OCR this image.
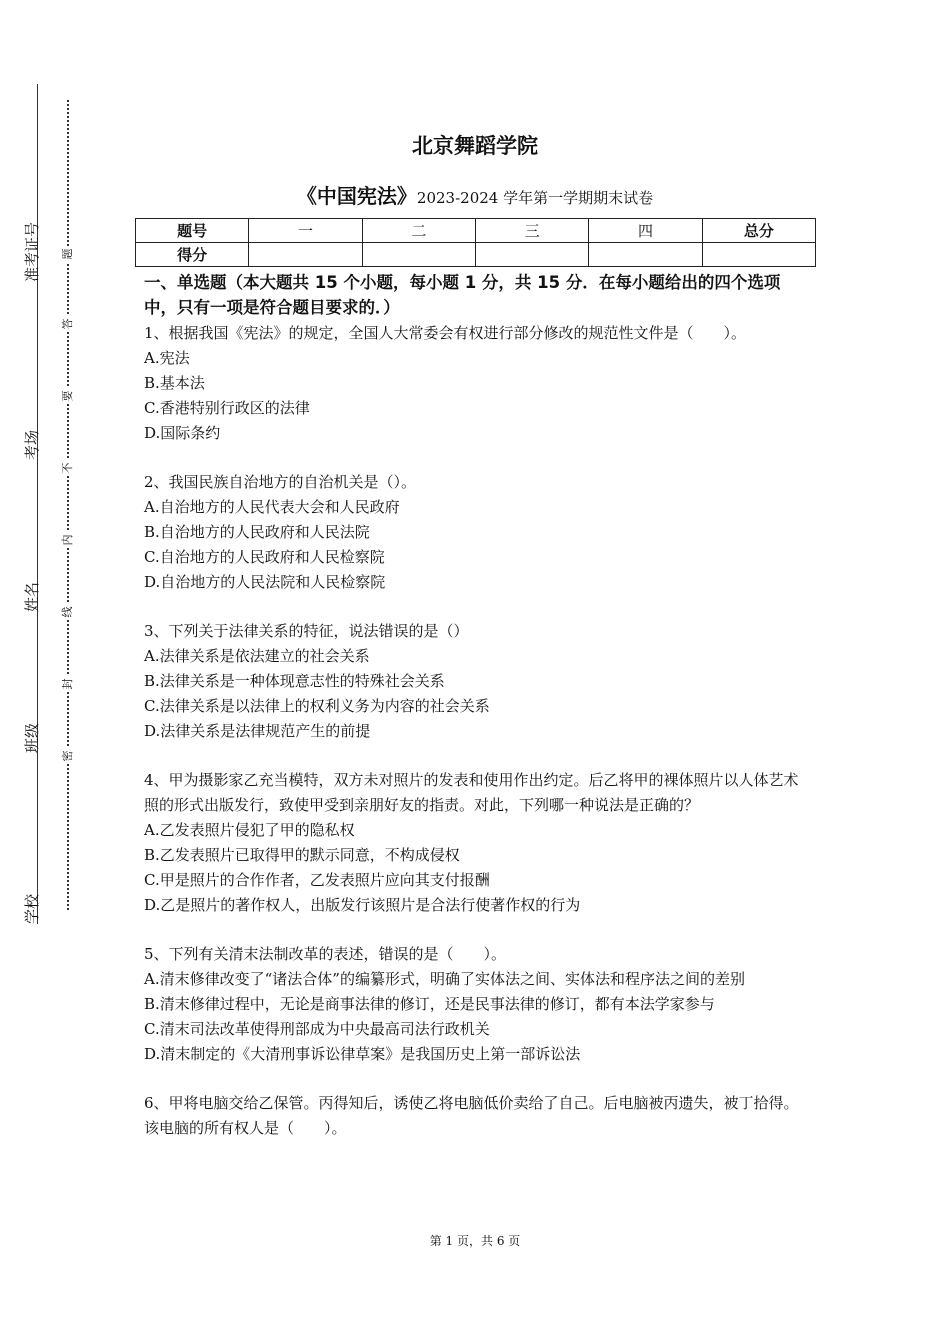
准考证号
考场
姓名
班级
学校
题
答
要
不
内
线
封
密
北京舞蹈学院
《中国宪法》2023-2024 学年第一学期期末试卷
题号	一	二	三	四	总分
得分					
一、单选题（本大题共 15 个小题，每小题 1 分，共 15 分．在每小题给出的四个选项中，只有一项是符合题目要求的．）
1、根据我国《宪法》的规定，全国人大常委会有权进行部分修改的规范性文件是（　　）。
A.宪法
B.基本法
C.香港特别行政区的法律
D.国际条约
2、我国民族自治地方的自治机关是（）。
A.自治地方的人民代表大会和人民政府
B.自治地方的人民政府和人民法院
C.自治地方的人民政府和人民检察院
D.自治地方的人民法院和人民检察院
3、下列关于法律关系的特征，说法错误的是（）
A.法律关系是依法建立的社会关系
B.法律关系是一种体现意志性的特殊社会关系
C.法律关系是以法律上的权利义务为内容的社会关系
D.法律关系是法律规范产生的前提
4、甲为摄影家乙充当模特，双方未对照片的发表和使用作出约定。后乙将甲的裸体照片以人体艺术照的形式出版发行，致使甲受到亲朋好友的指责。对此，下列哪一种说法是正确的？
A.乙发表照片侵犯了甲的隐私权
B.乙发表照片已取得甲的默示同意，不构成侵权
C.甲是照片的合作作者，乙发表照片应向其支付报酬
D.乙是照片的著作权人，出版发行该照片是合法行使著作权的行为
5、下列有关清末法制改革的表述，错误的是（　　）。
A.清末修律改变了“诸法合体”的编纂形式，明确了实体法之间、实体法和程序法之间的差别
B.清末修律过程中，无论是商事法律的修订，还是民事法律的修订，都有本法学家参与
C.清末司法改革使得刑部成为中央最高司法行政机关
D.清末制定的《大清刑事诉讼律草案》是我国历史上第一部诉讼法
6、甲将电脑交给乙保管。丙得知后，诱使乙将电脑低价卖给了自己。后电脑被丙遗失，被丁拾得。该电脑的所有权人是（　　）。
第 1 页，共 6 页
